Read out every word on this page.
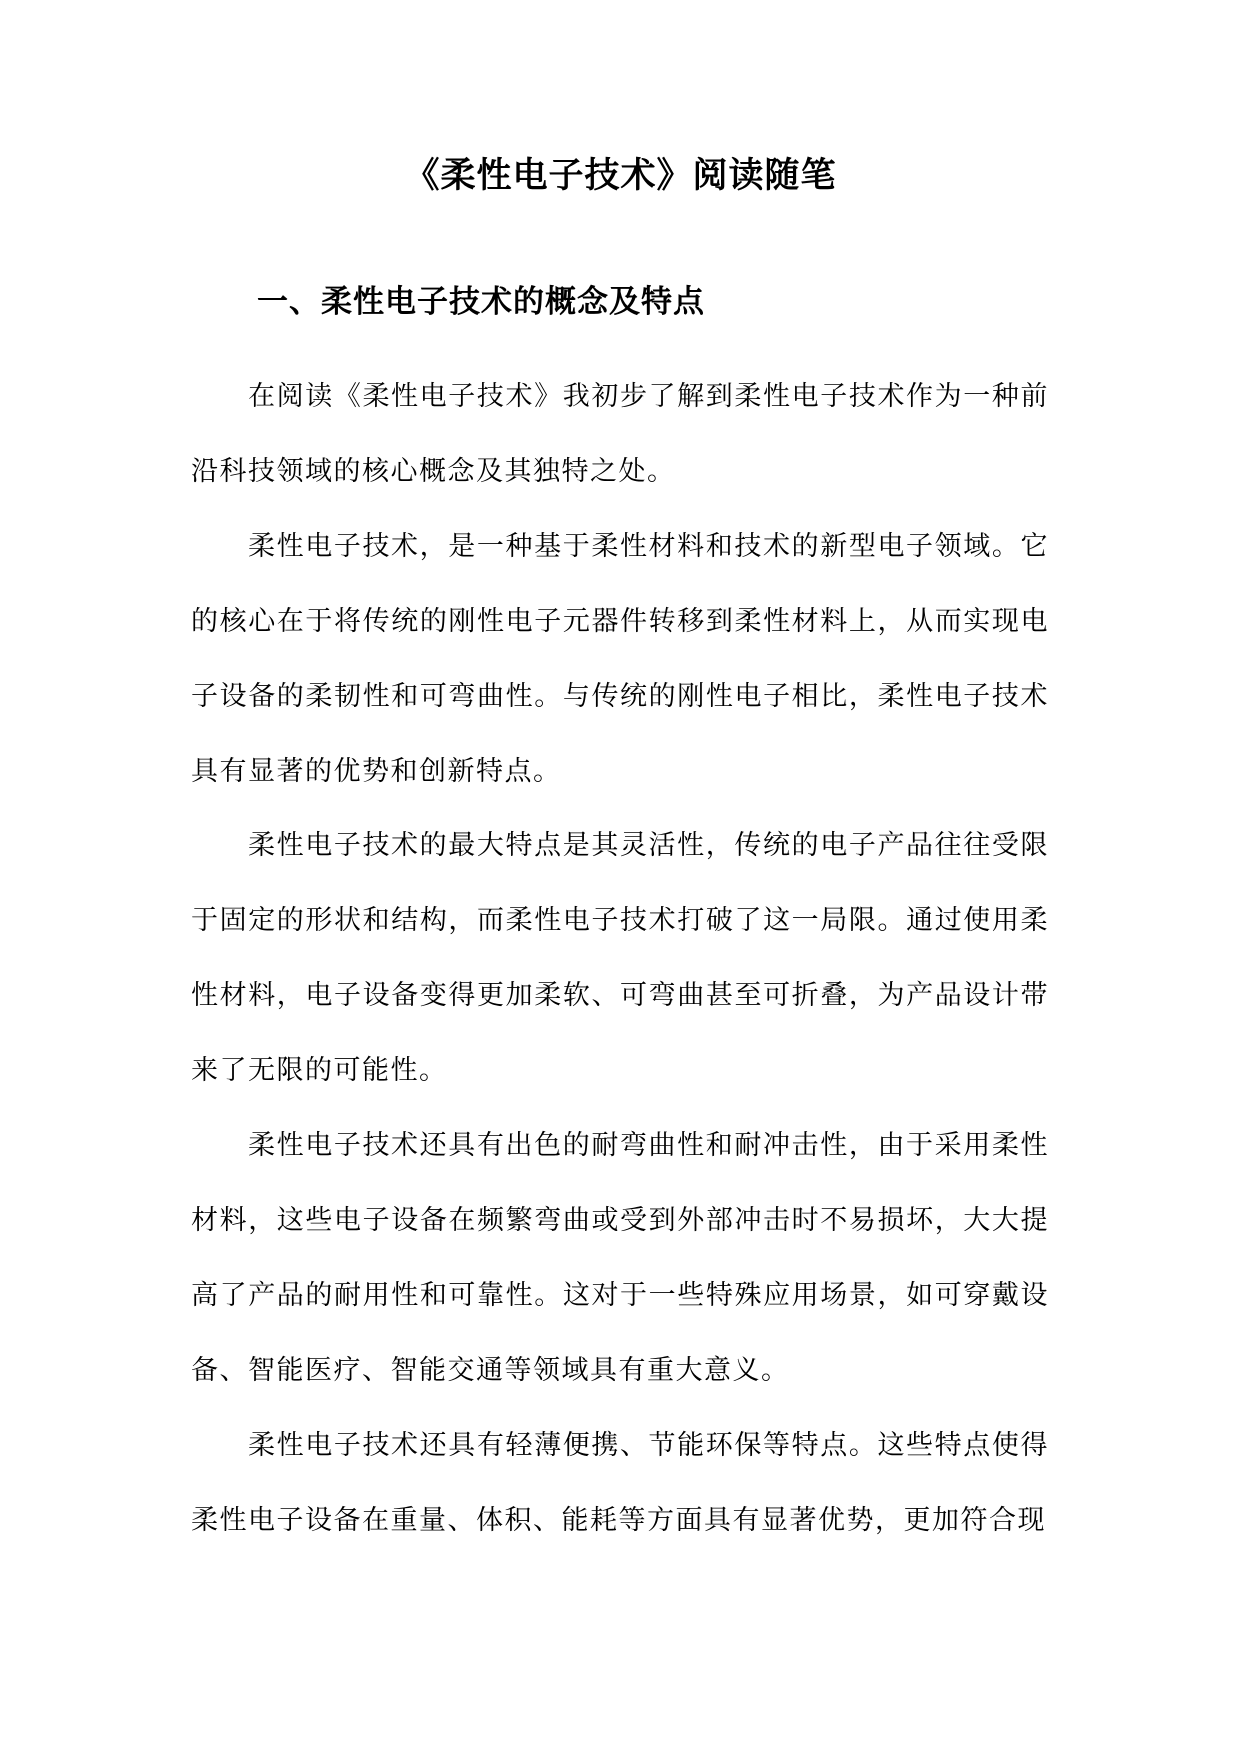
《柔性电子技术》阅读随笔
一、柔性电子技术的概念及特点

在阅读《柔性电子技术》我初步了解到柔性电子技术作为一种前沿科技领域的核心概念及其独特之处。

柔性电子技术，是一种基于柔性材料和技术的新型电子领域。它的核心在于将传统的刚性电子元器件转移到柔性材料上，从而实现电子设备的柔韧性和可弯曲性。与传统的刚性电子相比，柔性电子技术具有显著的优势和创新特点。

柔性电子技术的最大特点是其灵活性，传统的电子产品往往受限于固定的形状和结构，而柔性电子技术打破了这一局限。通过使用柔性材料，电子设备变得更加柔软、可弯曲甚至可折叠，为产品设计带来了无限的可能性。

柔性电子技术还具有出色的耐弯曲性和耐冲击性，由于采用柔性材料，这些电子设备在频繁弯曲或受到外部冲击时不易损坏，大大提高了产品的耐用性和可靠性。这对于一些特殊应用场景，如可穿戴设备、智能医疗、智能交通等领域具有重大意义。

柔性电子技术还具有轻薄便携、节能环保等特点。这些特点使得柔性电子设备在重量、体积、能耗等方面具有显著优势，更加符合现
